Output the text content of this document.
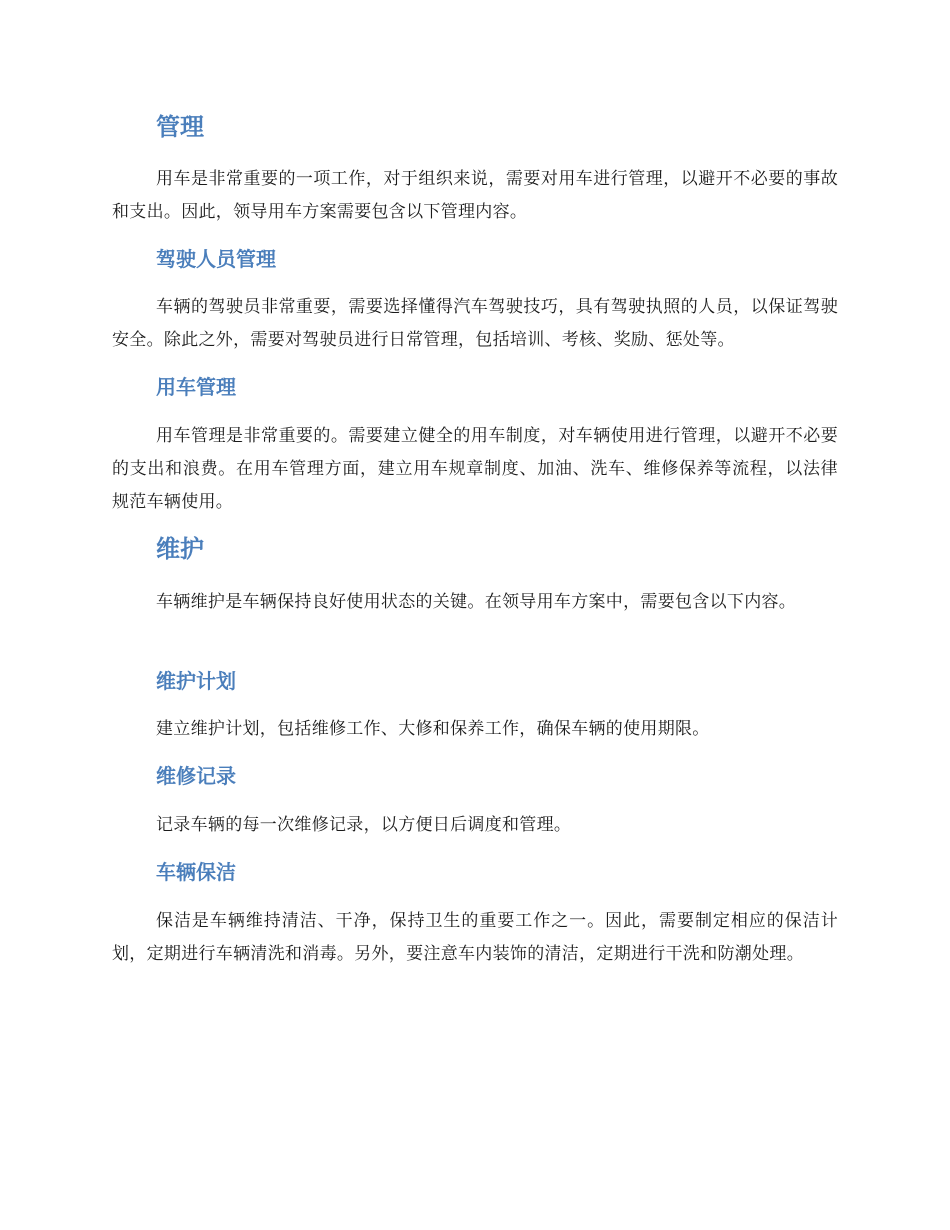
管理

用车是非常重要的一项工作，对于组织来说，需要对用车进行管理，以避开不必要的事故和支出。因此，领导用车方案需要包含以下管理内容。

驾驶人员管理

车辆的驾驶员非常重要，需要选择懂得汽车驾驶技巧，具有驾驶执照的人员，以保证驾驶安全。除此之外，需要对驾驶员进行日常管理，包括培训、考核、奖励、惩处等。

用车管理

用车管理是非常重要的。需要建立健全的用车制度，对车辆使用进行管理，以避开不必要的支出和浪费。在用车管理方面，建立用车规章制度、加油、洗车、维修保养等流程，以法律规范车辆使用。

维护

车辆维护是车辆保持良好使用状态的关键。在领导用车方案中，需要包含以下内容。

维护计划

建立维护计划，包括维修工作、大修和保养工作，确保车辆的使用期限。

维修记录

记录车辆的每一次维修记录，以方便日后调度和管理。

车辆保洁

保洁是车辆维持清洁、干净，保持卫生的重要工作之一。因此，需要制定相应的保洁计划，定期进行车辆清洗和消毒。另外，要注意车内装饰的清洁，定期进行干洗和防潮处理。
